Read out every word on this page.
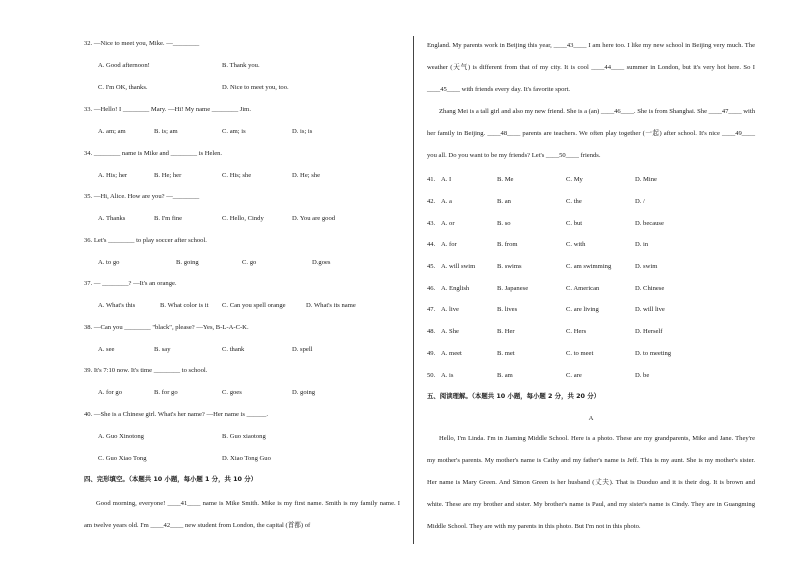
32. —Nice to meet you, Mike. —________
A. Good afternoon!	B. Thank you.
C. I'm OK, thanks.	D. Nice to meet you, too.
33. —Hello! I ________ Mary. —Hi! My name ________ Jim.
A. am; am	B. is; am	C. am; is	D. is; is
34. ________ name is Mike and ________ is Helen.
A. His; her	B. He; her	C. His; she	D. He; she
35. —Hi, Alice. How are you? —________
A. Thanks	B. I'm fine	C. Hello, Cindy	D. You are good
36. Let's ________ to play soccer after school.
A. to go	B. going	C. go	D.goes
37. — ________? —It's an orange.
A. What's this	B. What color is it C. Can you spell orange	D. What's its name
38. —Can you ________ "black", please? —Yes, B-L-A-C-K.
A. see	B. say	C. thank	D. spell
39. It's 7:10 now. It's time ________ to school.
A. for go	B. for go	C. goes	D. going
40. —She is a Chinese girl. What's her name? —Her name is ______.
A. Guo Xinotong	B. Guo xiaotong
C. Guo Xiao Tong	D. Xiao Tong Guo
四、完形填空。（本题共 10 小题，每小题 1 分，共 10 分）
Good morning, everyone! ____41____ name is Mike Smith. Mike is my first name. Smith is my family name. I am twelve years old. I'm ____42____ new student from London, the capital (首都) of
England. My parents work in Beijing this year, ____43____ I am here too. I like my new school in Beijing very much. The weather (天气) is different from that of my city. It is cool ____44____ summer in London, but it's very hot here. So I ____45____ with friends every day. It's favorite sport.
Zhang Mei is a tall girl and also my new friend. She is a (an) ____46____. She is from Shanghai. She ____47____ with her family in Beijing. ____48____ parents are teachers. We often play together (一起) after school. It's nice ____49____ you all. Do you want to be my friends? Let's ____50____ friends.
41. A. I	B. Me	C. My	D. Mine
42. A. a	B. an	C. the	D. /
43. A. or	B. so	C. but	D. because
44. A. for	B. from	C. with	D. in
45. A. will swim	B. swims	C. am swimming	D. swim
46. A. English	B. Japanese	C. American	D. Chinese
47. A. live	B. lives	C. are living	D. will live
48. A. She	B. Her	C. Hers	D. Herself
49. A. meet	B. met	C. to meet	D. to meeting
50. A. is	B. am	C. are	D. be
五、阅读理解。（本题共 10 小题，每小题 2 分，共 20 分）
A
Hello, I'm Linda. I'm in Jiaming Middle School. Here is a photo. These are my grandparents, Mike and Jane. They're my mother's parents. My mother's name is Cathy and my father's name is Jeff. This is my aunt. She is my mother's sister. Her name is Mary Green. And Simon Green is her husband (丈夫). That is Duoduo and it is their dog. It is brown and white. These are my brother and sister. My brother's name is Paul, and my sister's name is Cindy. They are in Guangming Middle School. They are with my parents in this photo. But I'm not in this photo.
